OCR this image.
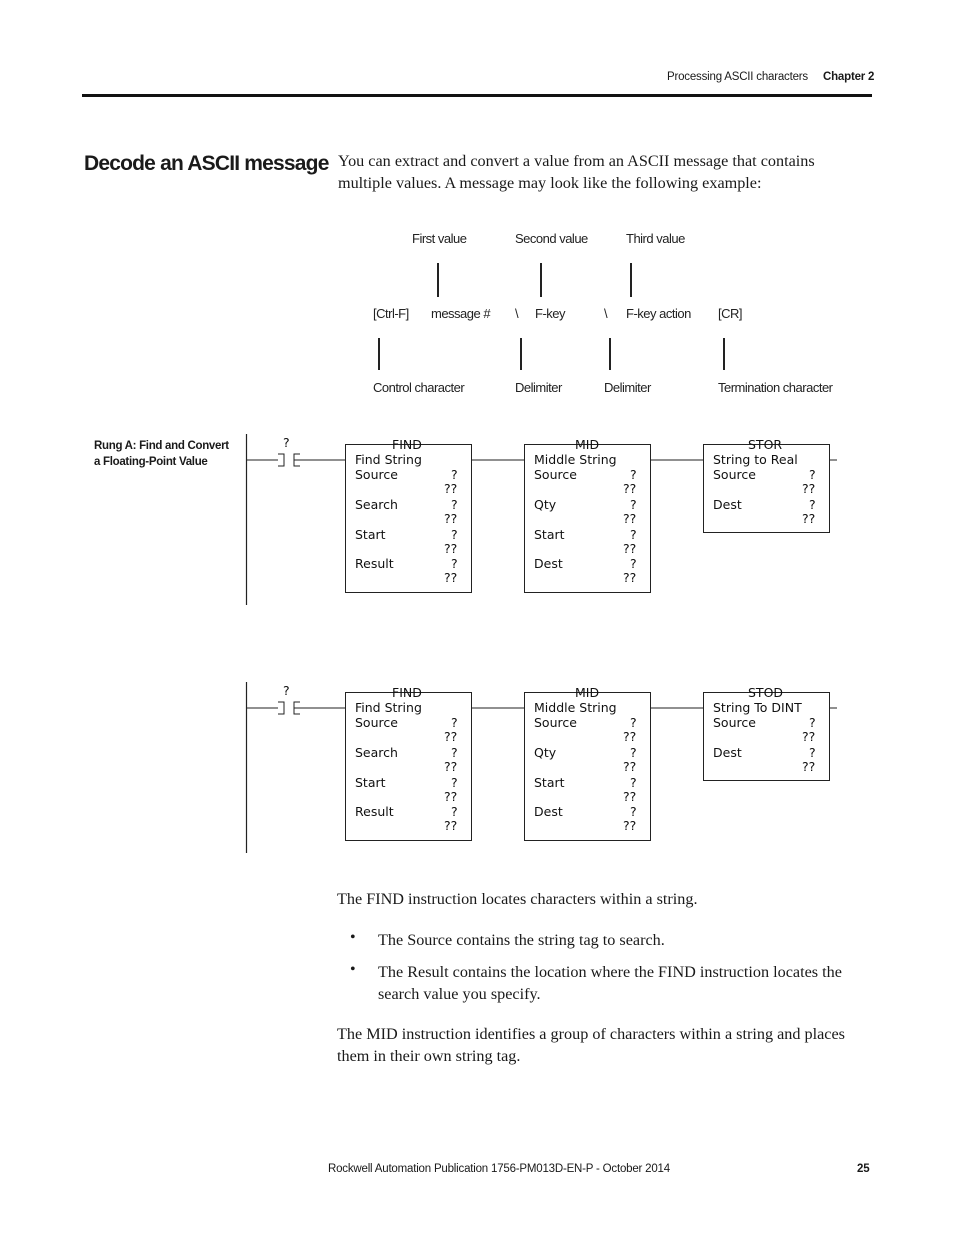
Processing ASCII characters Chapter 2
Decode an ASCII message You can extract and convert a value from an ASCII message that contains multiple values. A message may look like the following example:
First value	Second value	Third value
[Ctrl-F] message # \ F-key	\ F-key action [CR]
Control character	Delimiter	Delimiter	Termination character
Rung A: Find and Convert a Floating-Point Value
?	FIND
Find String
Source	?
??
Search	?
??
Start	?
??
Result	?
??
MID
Middle String
Source	?
??
Qty	?
??
Start	?
??
Dest	?
??
STOR
String to Real
Source	?
??
Dest	?
??
?	FIND
Find String
Source	?
??
Search	?
??
Start	?
??
Result	?
??
MID
Middle String
Source	?
??
Qty	?
??
Start	?
??
Dest	?
??
STOD
String To DINT
Source	?
??
Dest	?
??
The FIND instruction locates characters within a string.
• The Source contains the string tag to search.
• The Result contains the location where the FIND instruction locates the search value you specify.
The MID instruction identifies a group of characters within a string and places them in their own string tag.
Rockwell Automation Publication 1756-PM013D-EN-P - October 2014	25
